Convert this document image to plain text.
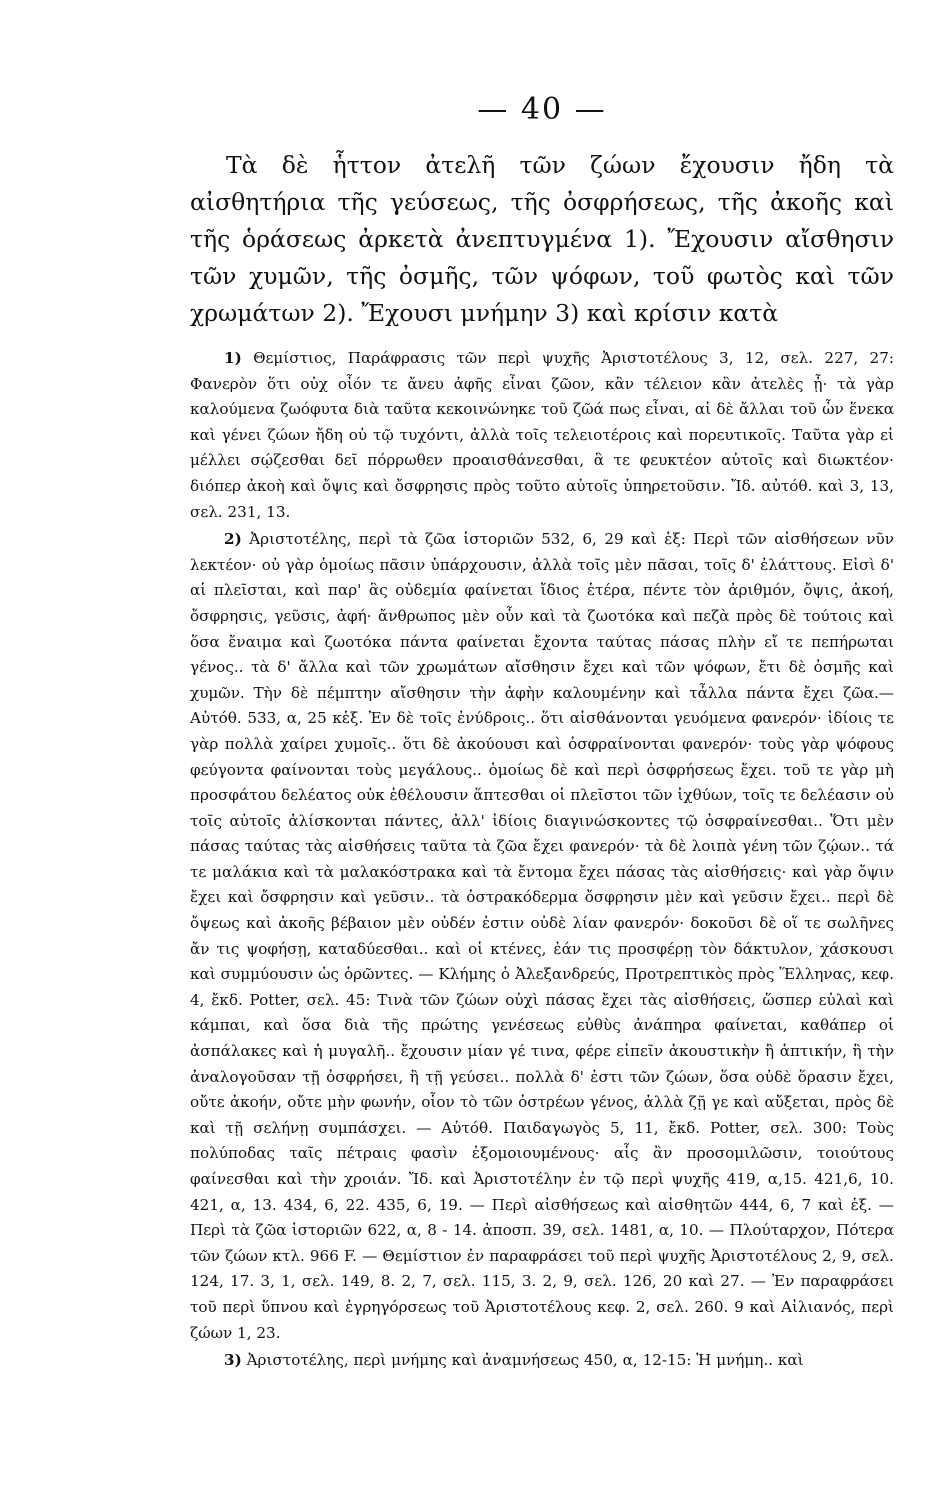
— 40 —

Τὰ δὲ ἧττον ἀτελῆ τῶν ζώων ἔχουσιν ἤδη τὰ αἰσθητήρια τῆς γεύσεως, τῆς ὀσφρήσεως, τῆς ἀκοῆς καὶ τῆς ὁράσεως ἀρκετὰ ἀνεπτυγμένα 1). Ἔχουσιν αἴσθησιν τῶν χυμῶν, τῆς ὀσμῆς, τῶν ψόφων, τοῦ φωτὸς καὶ τῶν χρωμάτων 2). Ἔχουσι μνήμην 3) καὶ κρίσιν κατὰ

1) Θεμίστιος, Παράφρασις τῶν περὶ ψυχῆς Ἀριστοτέλους 3, 12, σελ. 227, 27: Φανερὸν ὅτι οὐχ οἷόν τε ἄνευ ἁφῆς εἶναι ζῶον, κἂν τέλειον κἂν ἀτελὲς ᾖ· τὰ γὰρ καλούμενα ζωόφυτα διὰ ταῦτα κεκοινώνηκε τοῦ ζῶά πως εἶναι, αἱ δὲ ἄλλαι τοῦ ὧν ἕνεκα καὶ γένει ζώων ἤδη οὐ τῷ τυχόντι, ἀλλὰ τοῖς τελειοτέροις καὶ πορευτικοῖς. Ταῦτα γὰρ εἰ μέλλει σῴζεσθαι δεῖ πόρρωθεν προαισθάνεσθαι, ἃ τε φευκτέον αὐτοῖς καὶ διωκτέον· διόπερ ἀκοὴ καὶ ὄψις καὶ ὄσφρησις πρὸς τοῦτο αὐτοῖς ὑπηρετοῦσιν. Ἴδ. αὐτόθ. καὶ 3, 13, σελ. 231, 13.

2) Ἀριστοτέλης, περὶ τὰ ζῶα ἱστοριῶν 532, 6, 29 καὶ ἑξ: Περὶ τῶν αἰσθήσεων νῦν λεκτέον· οὐ γὰρ ὁμοίως πᾶσιν ὑπάρχουσιν, ἀλλὰ τοῖς μὲν πᾶσαι, τοῖς δ' ἐλάττους. Εἰσὶ δ' αἱ πλεῖσται, καὶ παρ' ἃς οὐδεμία φαίνεται ἴδιος ἑτέρα, πέντε τὸν ἀριθμόν, ὄψις, ἀκοή, ὄσφρησις, γεῦσις, ἀφή· ἄνθρωπος μὲν οὖν καὶ τὰ ζωοτόκα καὶ πεζὰ πρὸς δὲ τούτοις καὶ ὅσα ἔναιμα καὶ ζωοτόκα πάντα φαίνεται ἔχοντα ταύτας πάσας πλὴν εἴ τε πεπήρωται γένος.. τὰ δ' ἄλλα καὶ τῶν χρωμάτων αἴσθησιν ἔχει καὶ τῶν ψόφων, ἔτι δὲ ὀσμῆς καὶ χυμῶν. Τὴν δὲ πέμπτην αἴσθησιν τὴν ἁφὴν καλουμένην καὶ τἆλλα πάντα ἔχει ζῶα.— Αὐτόθ. 533, α, 25 κἑξ. Ἐν δὲ τοῖς ἐνύδροις.. ὅτι αἰσθάνονται γευόμενα φανερόν· ἰδίοις τε γὰρ πολλὰ χαίρει χυμοῖς.. ὅτι δὲ ἀκούουσι καὶ ὀσφραίνονται φανερόν· τοὺς γὰρ ψόφους φεύγοντα φαίνονται τοὺς μεγάλους.. ὁμοίως δὲ καὶ περὶ ὀσφρήσεως ἔχει. τοῦ τε γὰρ μὴ προσφάτου δελέατος οὐκ ἐθέλουσιν ἅπτεσθαι οἱ πλεῖστοι τῶν ἰχθύων, τοῖς τε δελέασιν οὐ τοῖς αὐτοῖς ἁλίσκονται πάντες, ἀλλ' ἰδίοις διαγινώσκοντες τῷ ὀσφραίνεσθαι.. Ὅτι μὲν πάσας ταύτας τὰς αἰσθήσεις ταῦτα τὰ ζῶα ἔχει φανερόν· τὰ δὲ λοιπὰ γένη τῶν ζῴων.. τά τε μαλάκια καὶ τὰ μαλακόστρακα καὶ τὰ ἔντομα ἔχει πάσας τὰς αἰσθήσεις· καὶ γὰρ ὄψιν ἔχει καὶ ὄσφρησιν καὶ γεῦσιν.. τὰ ὀστρακόδερμα ὄσφρησιν μὲν καὶ γεῦσιν ἔχει.. περὶ δὲ ὄψεως καὶ ἀκοῆς βέβαιον μὲν οὐδέν ἐστιν οὐδὲ λίαν φανερόν· δοκοῦσι δὲ οἵ τε σωλῆνες ἄν τις ψοφήσῃ, καταδύεσθαι.. καὶ οἱ κτένες, ἐάν τις προσφέρῃ τὸν δάκτυλον, χάσκουσι καὶ συμμύουσιν ὡς ὁρῶντες. — Κλήμης ὁ Ἀλεξανδρεύς, Προτρεπτικὸς πρὸς Ἕλληνας, κεφ. 4, ἔκδ. Potter, σελ. 45: Τινὰ τῶν ζώων οὐχὶ πάσας ἔχει τὰς αἰσθήσεις, ὥσπερ εὐλαὶ καὶ κάμπαι, καὶ ὅσα διὰ τῆς πρώτης γενέσεως εὐθὺς ἀνάπηρα φαίνεται, καθάπερ οἱ ἀσπάλακες καὶ ἡ μυγαλῆ.. ἔχουσιν μίαν γέ τινα, φέρε εἰπεῖν ἀκουστικὴν ἢ ἁπτικήν, ἢ τὴν ἀναλογοῦσαν τῇ ὀσφρήσει, ἢ τῇ γεύσει.. πολλὰ δ' ἐστι τῶν ζώων, ὅσα οὐδὲ ὅρασιν ἔχει, οὔτε ἀκοήν, οὔτε μὴν φωνήν, οἷον τὸ τῶν ὀστρέων γένος, ἀλλὰ ζῇ γε καὶ αὔξεται, πρὸς δὲ καὶ τῇ σελήνῃ συμπάσχει. — Αὐτόθ. Παιδαγωγὸς 5, 11, ἔκδ. Potter, σελ. 300: Τοὺς πολύποδας ταῖς πέτραις φασὶν ἐξομοιουμένους· αἷς ἂν προσομιλῶσιν, τοιούτους φαίνεσθαι καὶ τὴν χροιάν. Ἴδ. καὶ Ἀριστοτέλην ἐν τῷ περὶ ψυχῆς 419, α,15. 421,6, 10. 421, α, 13. 434, 6, 22. 435, 6, 19. — Περὶ αἰσθήσεως καὶ αἰσθητῶν 444, 6, 7 καὶ ἑξ. — Περὶ τὰ ζῶα ἱστοριῶν 622, α, 8 - 14. ἀποσπ. 39, σελ. 1481, α, 10. — Πλούταρχον, Πότερα τῶν ζώων κτλ. 966 F. — Θεμίστιον ἐν παραφράσει τοῦ περὶ ψυχῆς Ἀριστοτέλους 2, 9, σελ. 124, 17. 3, 1, σελ. 149, 8. 2, 7, σελ. 115, 3. 2, 9, σελ. 126, 20 καὶ 27. — Ἐν παραφράσει τοῦ περὶ ὕπνου καὶ ἐγρηγόρσεως τοῦ Ἀριστοτέλους κεφ. 2, σελ. 260. 9 καὶ Αἰλιανός, περὶ ζώων 1, 23.

3) Ἀριστοτέλης, περὶ μνήμης καὶ ἀναμνήσεως 450, α, 12-15: Ἡ μνήμη.. καὶ
